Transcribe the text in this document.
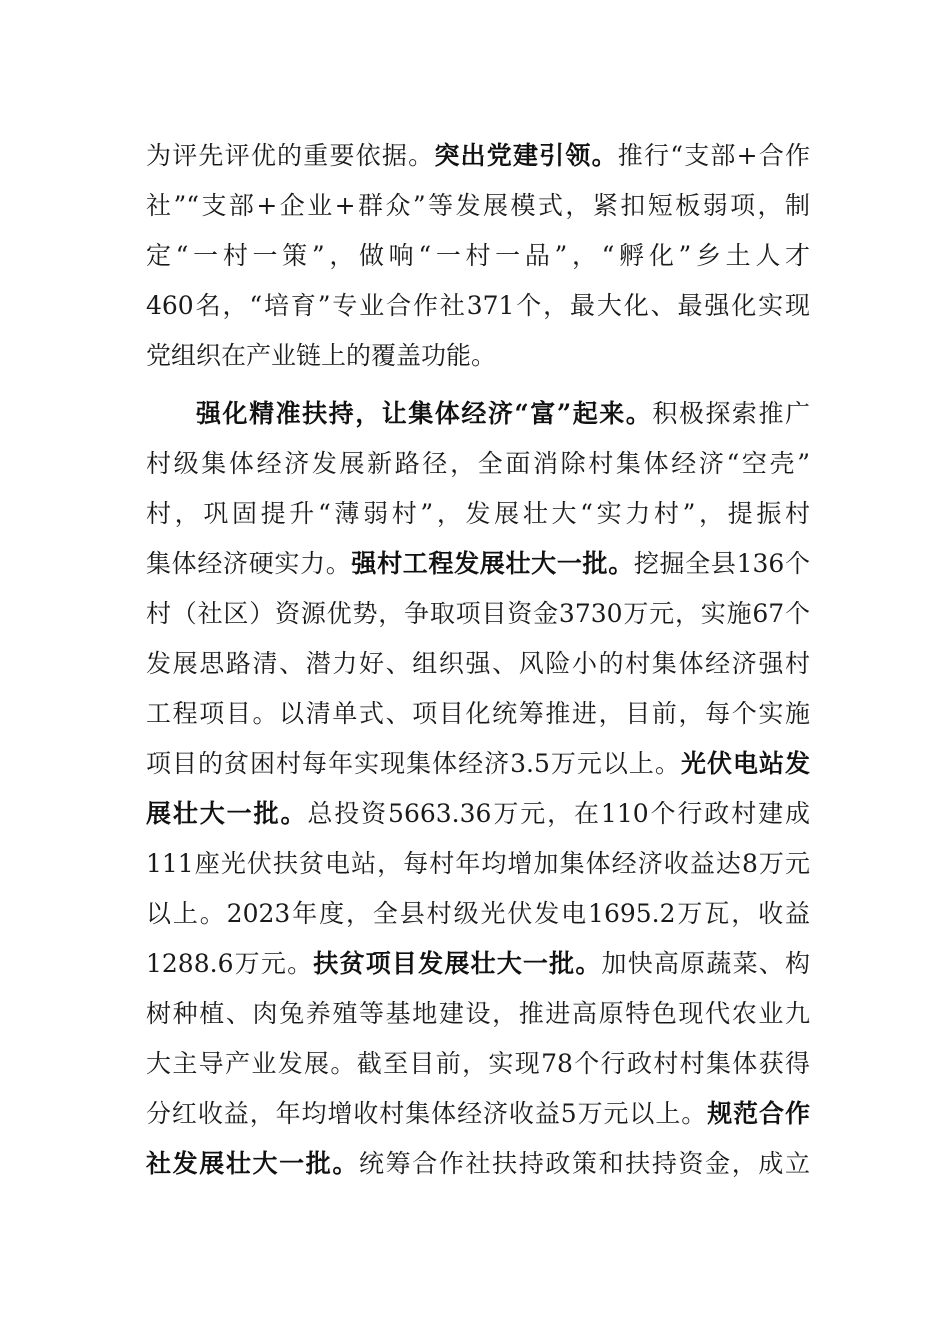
为评先评优的重要依据。突出党建引领。推行“支部+合作
社”“支部+企业+群众”等发展模式，紧扣短板弱项，制
定“一村一策”，做响“一村一品”，“孵化”乡土人才
460名，“培育”专业合作社371个，最大化、最强化实现
党组织在产业链上的覆盖功能。
强化精准扶持，让集体经济“富”起来。积极探索推广
村级集体经济发展新路径，全面消除村集体经济“空壳”
村，巩固提升“薄弱村”，发展壮大“实力村”，提振村
集体经济硬实力。强村工程发展壮大一批。挖掘全县136个
村（社区）资源优势，争取项目资金3730万元，实施67个
发展思路清、潜力好、组织强、风险小的村集体经济强村
工程项目。以清单式、项目化统筹推进，目前，每个实施
项目的贫困村每年实现集体经济3.5万元以上。光伏电站发
展壮大一批。总投资5663.36万元，在110个行政村建成
111座光伏扶贫电站，每村年均增加集体经济收益达8万元
以上。2023年度，全县村级光伏发电1695.2万瓦，收益
1288.6万元。扶贫项目发展壮大一批。加快高原蔬菜、构
树种植、肉兔养殖等基地建设，推进高原特色现代农业九
大主导产业发展。截至目前，实现78个行政村村集体获得
分红收益，年均增收村集体经济收益5万元以上。规范合作
社发展壮大一批。统筹合作社扶持政策和扶持资金，成立
